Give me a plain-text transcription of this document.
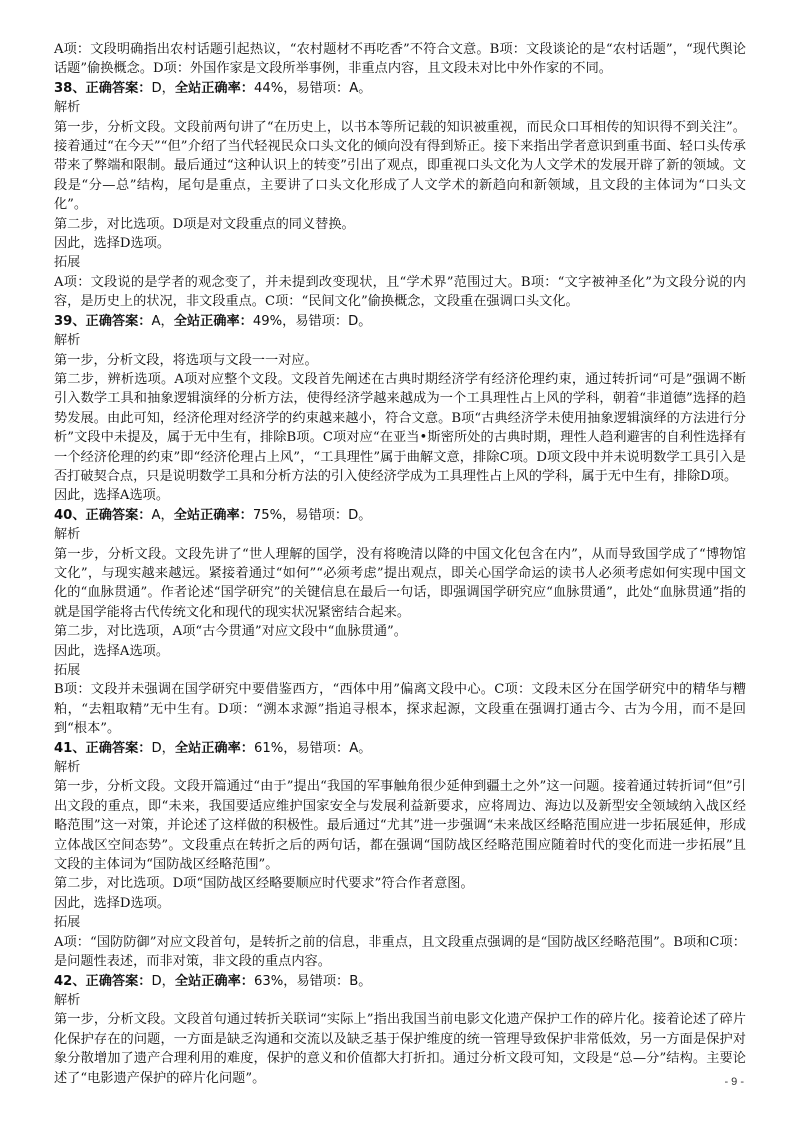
A项：文段明确指出农村话题引起热议，“农村题材不再吃香”不符合文意。B项：文段谈论的是“农村话题”，“现代舆论话题”偷换概念。D项：外国作家是文段所举事例，非重点内容，且文段未对比中外作家的不同。

38、正确答案：D，全站正确率：44%，易错项：A。

解析

第一步，分析文段。文段前两句讲了“在历史上，以书本等所记载的知识被重视，而民众口耳相传的知识得不到关注”。接着通过“在今天”“但”介绍了当代轻视民众口头文化的倾向没有得到矫正。接下来指出学者意识到重书面、轻口头传承带来了弊端和限制。最后通过“这种认识上的转变”引出了观点，即重视口头文化为人文学术的发展开辟了新的领域。文段是“分—总”结构，尾句是重点，主要讲了口头文化形成了人文学术的新趋向和新领域，且文段的主体词为“口头文化”。

第二步，对比选项。D项是对文段重点的同义替换。

因此，选择D选项。

拓展

A项：文段说的是学者的观念变了，并未提到改变现状，且“学术界”范围过大。B项：“文字被神圣化”为文段分说的内容，是历史上的状况，非文段重点。C项：“民间文化”偷换概念，文段重在强调口头文化。

39、正确答案：A，全站正确率：49%，易错项：D。

解析

第一步，分析文段，将选项与文段一一对应。

第二步，辨析选项。A项对应整个文段。文段首先阐述在古典时期经济学有经济伦理约束，通过转折词“可是”强调不断引入数学工具和抽象逻辑演绎的分析方法，使得经济学越来越成为一个工具理性占上风的学科，朝着“非道德”选择的趋势发展。由此可知，经济伦理对经济学的约束越来越小，符合文意。B项“古典经济学未使用抽象逻辑演绎的方法进行分析”文段中未提及，属于无中生有，排除B项。C项对应“在亚当•斯密所处的古典时期，理性人趋利避害的自利性选择有一个经济伦理的约束”即“经济伦理占上风”，“工具理性”属于曲解文意，排除C项。D项文段中并未说明数学工具引入是否打破契合点，只是说明数学工具和分析方法的引入使经济学成为工具理性占上风的学科，属于无中生有，排除D项。

因此，选择A选项。

40、正确答案：A，全站正确率：75%，易错项：D。

解析

第一步，分析文段。文段先讲了“世人理解的国学，没有将晚清以降的中国文化包含在内”，从而导致国学成了“博物馆文化”，与现实越来越远。紧接着通过“如何”“必须考虑”提出观点，即关心国学命运的读书人必须考虑如何实现中国文化的“血脉贯通”。作者论述“国学研究”的关键信息在最后一句话，即强调国学研究应“血脉贯通”，此处“血脉贯通”指的就是国学能将古代传统文化和现代的现实状况紧密结合起来。

第二步，对比选项，A项“古今贯通”对应文段中“血脉贯通”。

因此，选择A选项。

拓展

B项：文段并未强调在国学研究中要借鉴西方，“西体中用”偏离文段中心。C项：文段未区分在国学研究中的精华与糟粕，“去粗取精”无中生有。D项：“溯本求源”指追寻根本，探求起源，文段重在强调打通古今、古为今用，而不是回到“根本”。

41、正确答案：D，全站正确率：61%，易错项：A。

解析

第一步，分析文段。文段开篇通过“由于”提出“我国的军事触角很少延伸到疆土之外”这一问题。接着通过转折词“但”引出文段的重点，即“未来，我国要适应维护国家安全与发展利益新要求，应将周边、海边以及新型安全领域纳入战区经略范围”这一对策，并论述了这样做的积极性。最后通过“尤其”进一步强调“未来战区经略范围应进一步拓展延伸，形成立体战区空间态势”。文段重点在转折之后的两句话，都在强调“国防战区经略范围应随着时代的变化而进一步拓展”且文段的主体词为“国防战区经略范围”。

第二步，对比选项。D项“国防战区经略要顺应时代要求”符合作者意图。

因此，选择D选项。

拓展

A项：“国防防御”对应文段首句，是转折之前的信息，非重点，且文段重点强调的是“国防战区经略范围”。B项和C项：是问题性表述，而非对策，非文段的重点内容。

42、正确答案：D，全站正确率：63%，易错项：B。

解析

第一步，分析文段。文段首句通过转折关联词“实际上”指出我国当前电影文化遗产保护工作的碎片化。接着论述了碎片化保护存在的问题，一方面是缺乏沟通和交流以及缺乏基于保护维度的统一管理导致保护非常低效，另一方面是保护对象分散增加了遗产合理利用的难度，保护的意义和价值都大打折扣。通过分析文段可知，文段是“总—分”结构。主要论述了“电影遗产保护的碎片化问题”。	- 9 -
